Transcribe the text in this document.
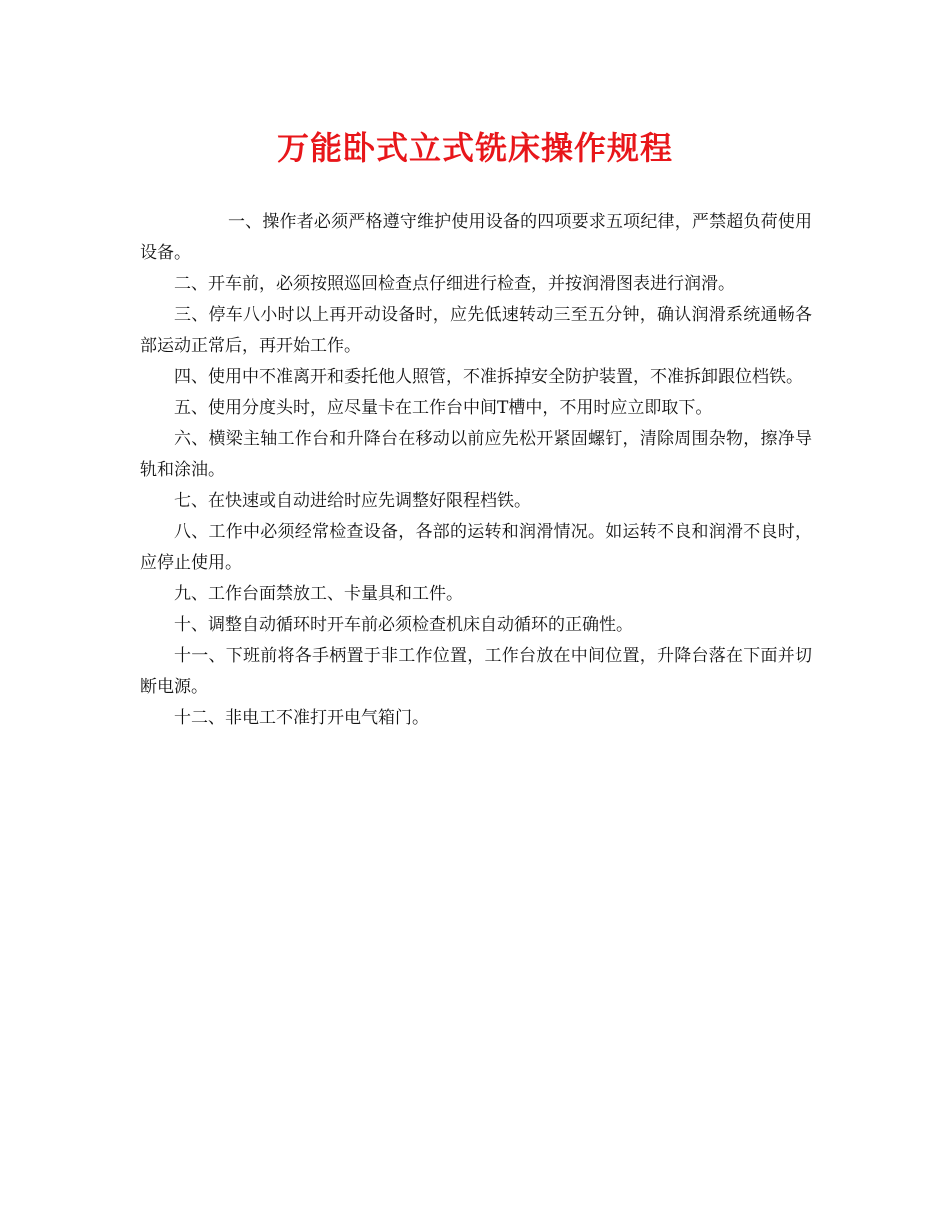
万能卧式立式铣床操作规程

一、操作者必须严格遵守维护使用设备的四项要求五项纪律，严禁超负荷使用设备。

二、开车前，必须按照巡回检查点仔细进行检查，并按润滑图表进行润滑。

三、停车八小时以上再开动设备时，应先低速转动三至五分钟，确认润滑系统通畅各部运动正常后，再开始工作。

四、使用中不准离开和委托他人照管，不准拆掉安全防护装置，不准拆卸跟位档铁。

五、使用分度头时，应尽量卡在工作台中间T槽中，不用时应立即取下。

六、横梁主轴工作台和升降台在移动以前应先松开紧固螺钉，清除周围杂物，擦净导轨和涂油。

七、在快速或自动进给时应先调整好限程档铁。

八、工作中必须经常检查设备，各部的运转和润滑情况。如运转不良和润滑不良时，应停止使用。

九、工作台面禁放工、卡量具和工件。

十、调整自动循环时开车前必须检查机床自动循环的正确性。

十一、下班前将各手柄置于非工作位置，工作台放在中间位置，升降台落在下面并切断电源。

十二、非电工不准打开电气箱门。
